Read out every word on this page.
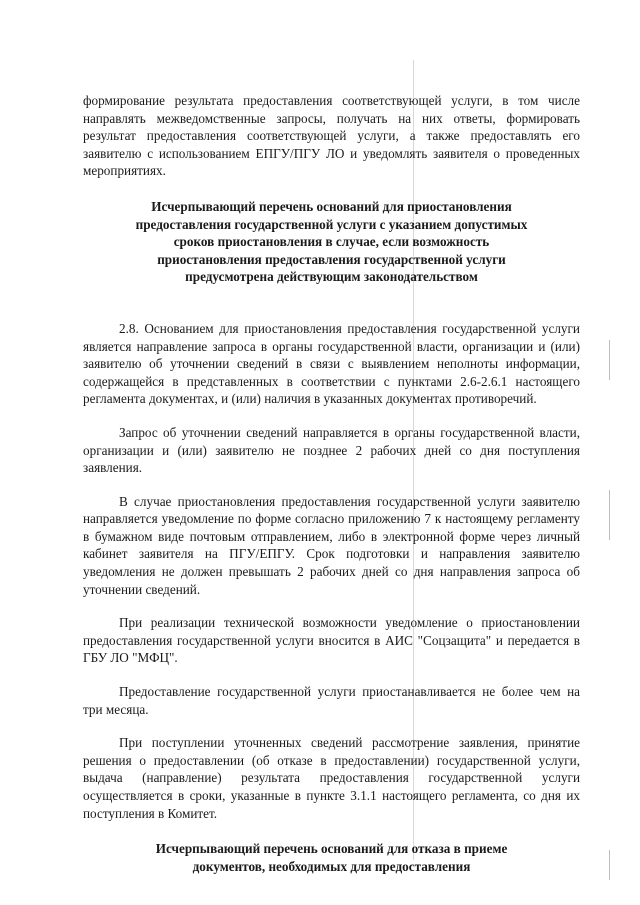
формирование результата предоставления соответствующей услуги, в том числе направлять межведомственные запросы, получать на них ответы, формировать результат предоставления соответствующей услуги, а также предоставлять его заявителю с использованием ЕПГУ/ПГУ ЛО и уведомлять заявителя о проведенных мероприятиях.

Исчерпывающий перечень оснований для приостановления

предоставления государственной услуги с указанием допустимых

сроков приостановления в случае, если возможность

приостановления предоставления государственной услуги

предусмотрена действующим законодательством

2.8. Основанием для приостановления предоставления государственной услуги является направление запроса в органы государственной власти, организации и (или) заявителю об уточнении сведений в связи с выявлением неполноты информации, содержащейся в представленных в соответствии с пунктами 2.6-2.6.1 настоящего регламента документах, и (или) наличия в указанных документах противоречий.

Запрос об уточнении сведений направляется в органы государственной власти, организации и (или) заявителю не позднее 2 рабочих дней со дня поступления заявления.

В случае приостановления предоставления государственной услуги заявителю направляется уведомление по форме согласно приложению 7 к настоящему регламенту в бумажном виде почтовым отправлением, либо в электронной форме через личный кабинет заявителя на ПГУ/ЕПГУ. Срок подготовки и направления заявителю уведомления не должен превышать 2 рабочих дней со дня направления запроса об уточнении сведений.

При реализации технической возможности уведомление о приостановлении предоставления государственной услуги вносится в АИС "Соцзащита" и передается в ГБУ ЛО "МФЦ".

Предоставление государственной услуги приостанавливается не более чем на три месяца.

При поступлении уточненных сведений рассмотрение заявления, принятие решения о предоставлении (об отказе в предоставлении) государственной услуги, выдача (направление) результата предоставления государственной услуги осуществляется в сроки, указанные в пункте 3.1.1 настоящего регламента, со дня их поступления в Комитет.

Исчерпывающий перечень оснований для отказа в приеме

документов, необходимых для предоставления
